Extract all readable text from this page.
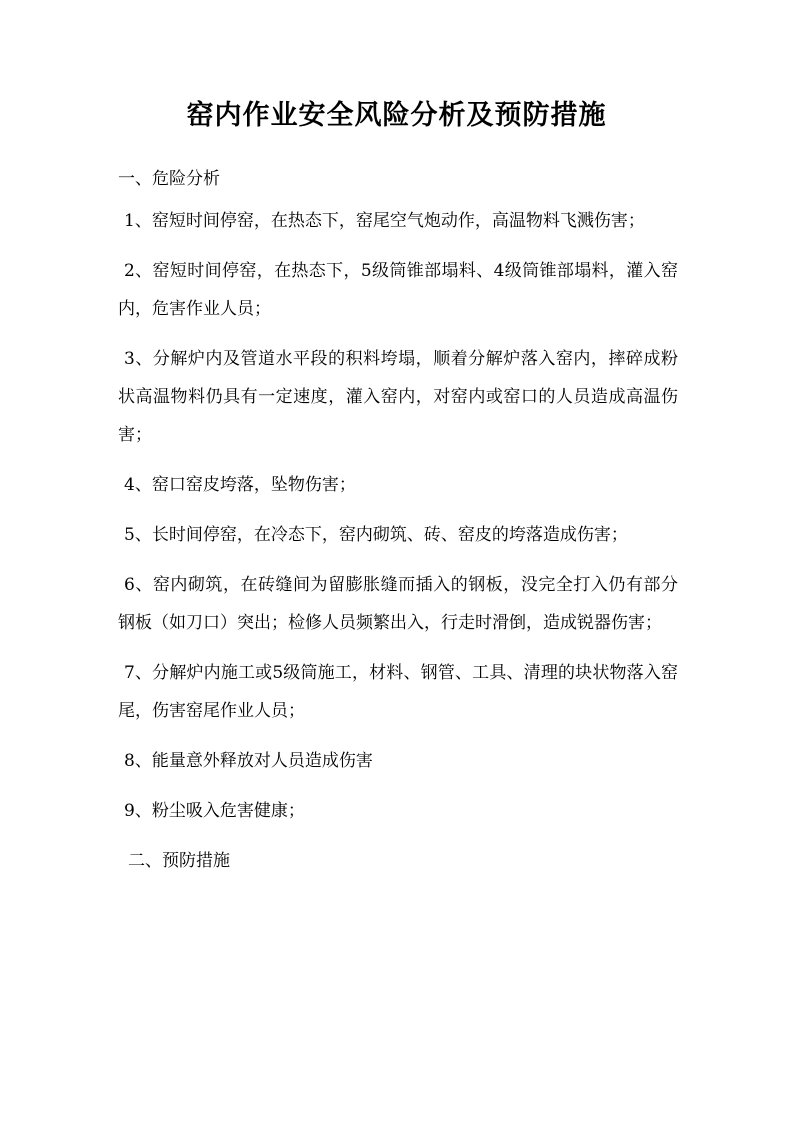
窑内作业安全风险分析及预防措施

一、危险分析

1、窑短时间停窑，在热态下，窑尾空气炮动作，高温物料飞溅伤害；

2、窑短时间停窑，在热态下，5级筒锥部塌料、4级筒锥部塌料，灌入窑内，危害作业人员；

3、分解炉内及管道水平段的积料垮塌，顺着分解炉落入窑内，摔碎成粉状高温物料仍具有一定速度，灌入窑内，对窑内或窑口的人员造成高温伤害；

4、窑口窑皮垮落，坠物伤害；

5、长时间停窑，在冷态下，窑内砌筑、砖、窑皮的垮落造成伤害；

6、窑内砌筑，在砖缝间为留膨胀缝而插入的钢板，没完全打入仍有部分钢板（如刀口）突出；检修人员频繁出入，行走时滑倒，造成锐器伤害；

7、分解炉内施工或5级筒施工，材料、钢管、工具、清理的块状物落入窑尾，伤害窑尾作业人员；

8、能量意外释放对人员造成伤害

9、粉尘吸入危害健康；

二、预防措施
